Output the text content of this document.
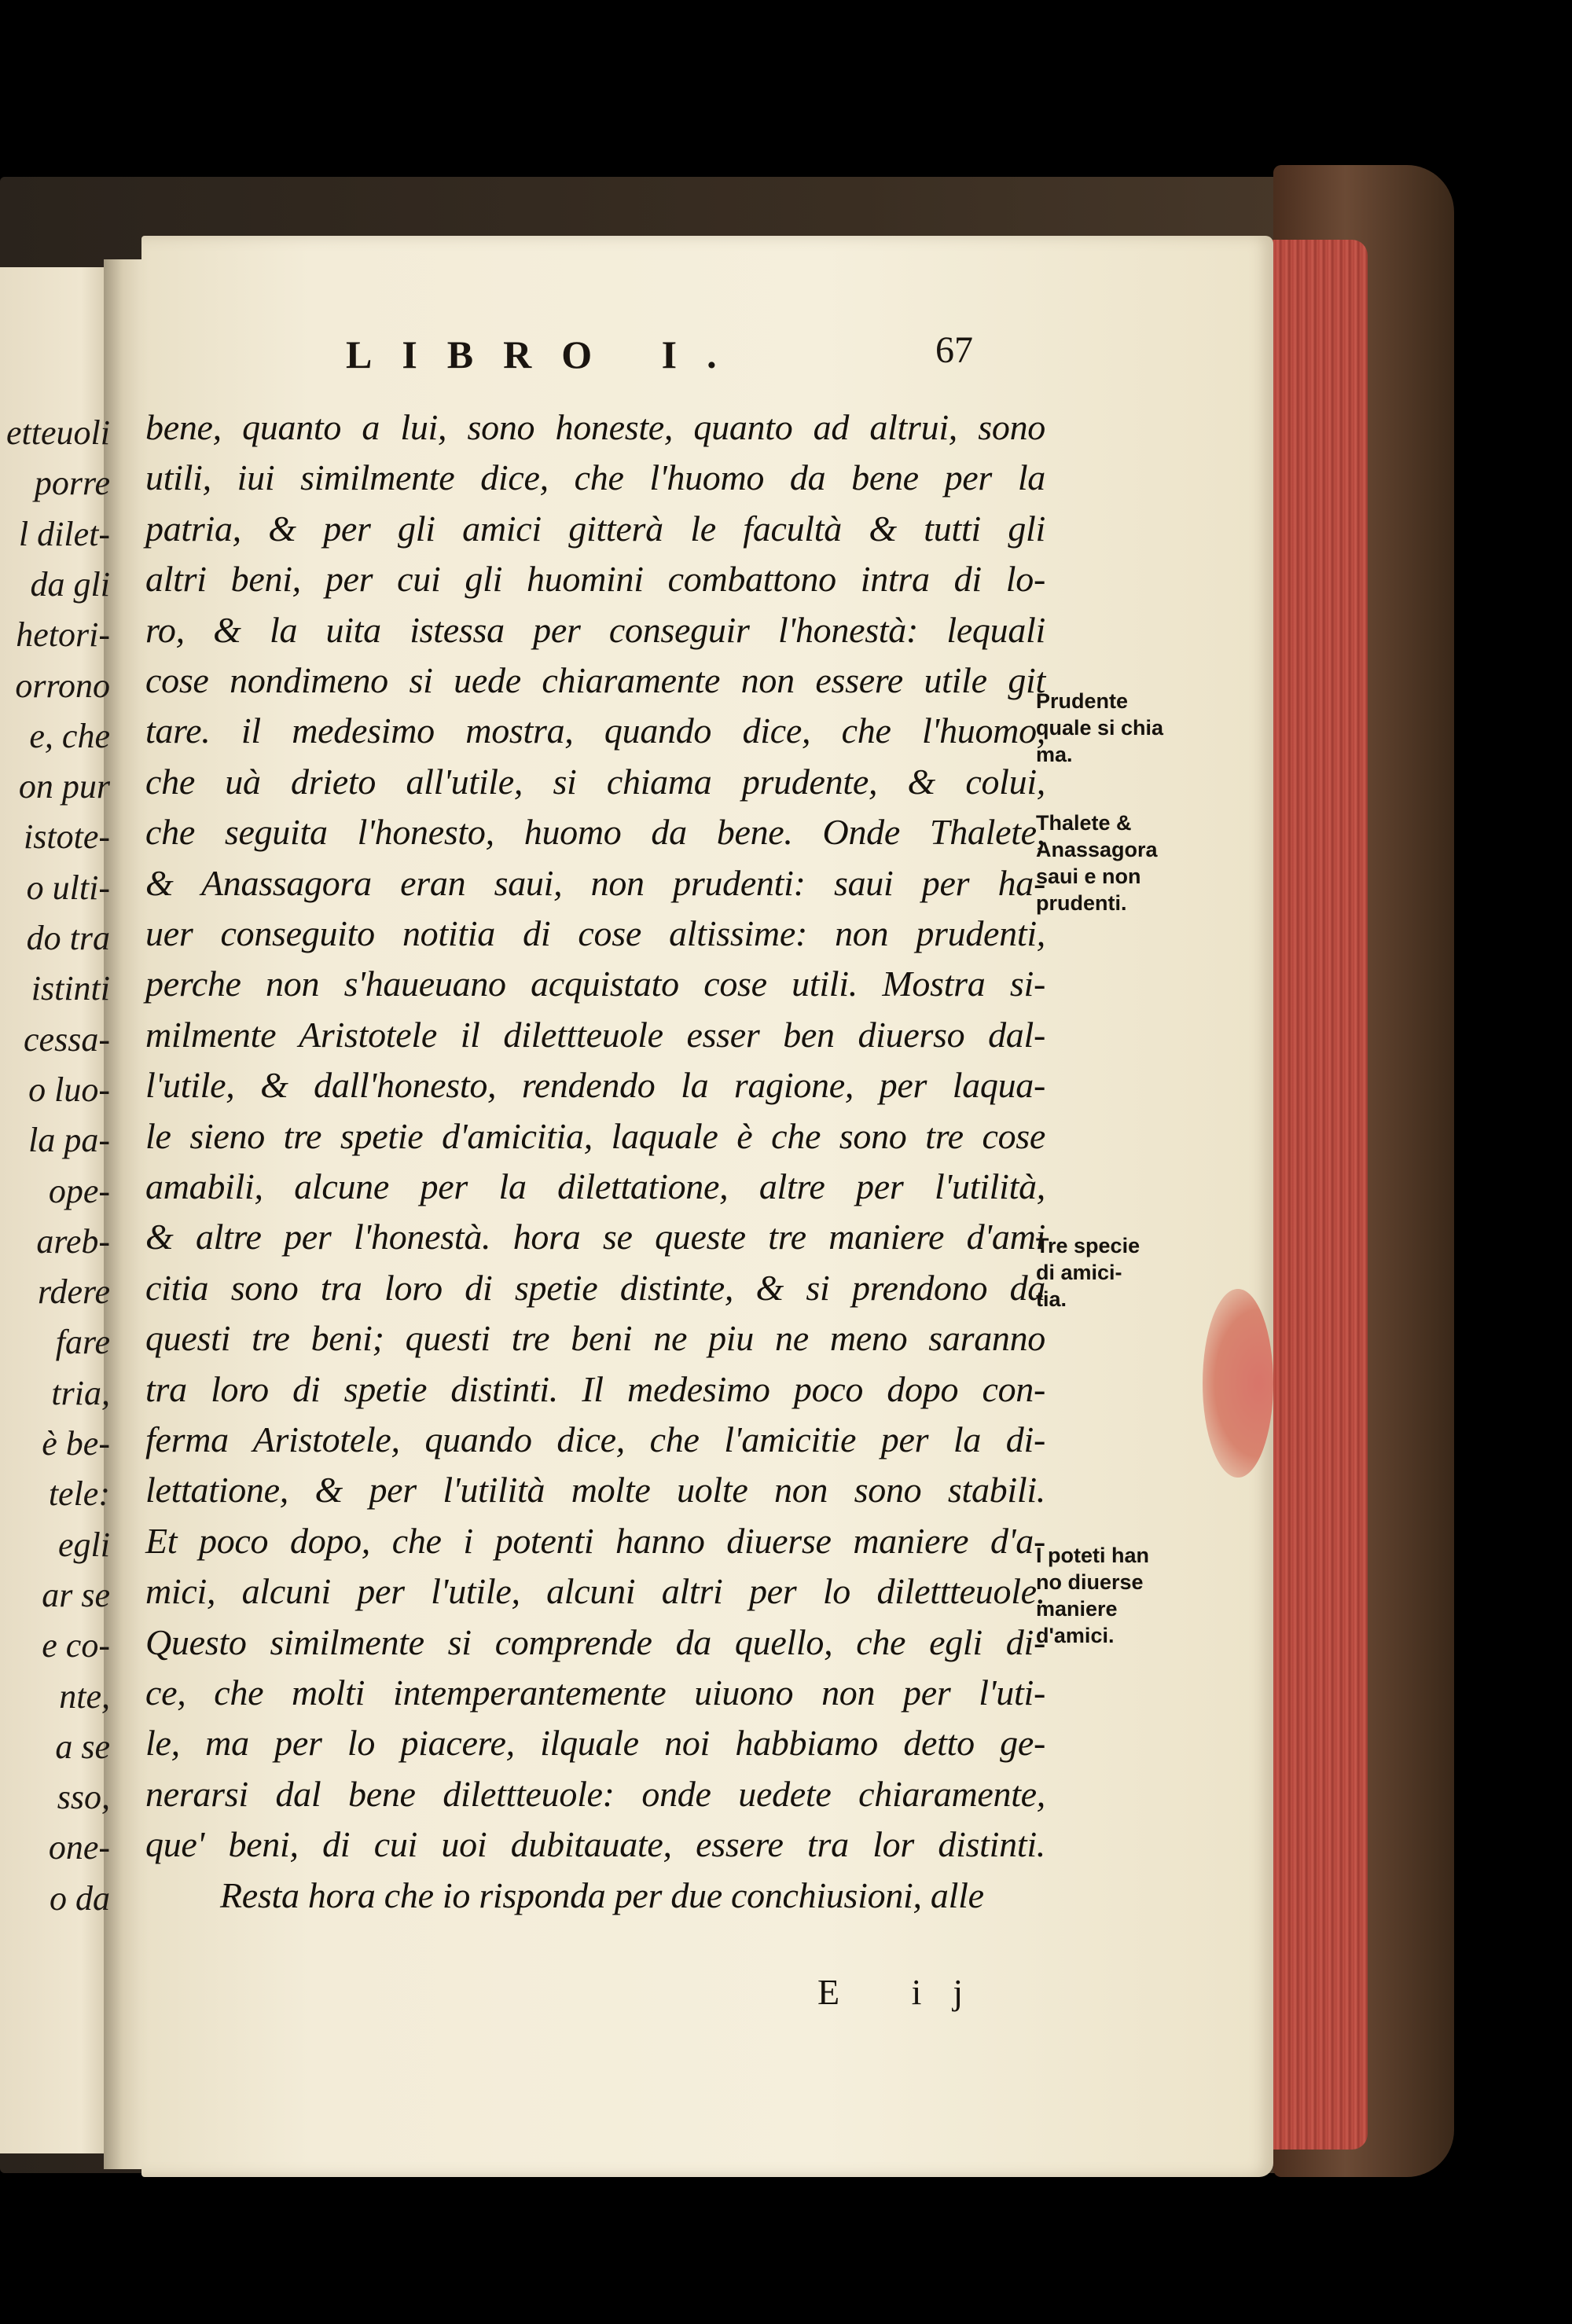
etteuoli
porre
l dilet-
da gli
hetori-
orrono
e, che
on pur
istote-
o ulti-
do tra
istinti
cessa-
o luo-
la pa-
ope-
areb-
rdere
fare
tria,
è be-
tele:
egli
ar se
e co-
nte,
a se
sso,
one-
o da
LIBRO I.	67
bene, quanto a lui, sono honeste, quanto ad altrui, sono
utili, iui similmente dice, che l'huomo da bene per la
patria, & per gli amici gitterà le facultà & tutti gli
altri beni, per cui gli huomini combattono intra di lo-
ro, & la uita istessa per conseguir l'honestà: lequali
cose nondimeno si uede chiaramente non essere utile git
tare. il medesimo mostra, quando dice, che l'huomo,
che uà drieto all'utile, si chiama prudente, & colui,
che seguita l'honesto, huomo da bene. Onde Thalete,
& Anassagora eran saui, non prudenti: saui per ha-
uer conseguito notitia di cose altissime: non prudenti,
perche non s'haueuano acquistato cose utili. Mostra si-
milmente Aristotele il dilettteuole esser ben diuerso dal-
l'utile, & dall'honesto, rendendo la ragione, per laqua-
le sieno tre spetie d'amicitia, laquale è che sono tre cose
amabili, alcune per la dilettatione, altre per l'utilità,
& altre per l'honestà. hora se queste tre maniere d'ami
citia sono tra loro di spetie distinte, & si prendono da
questi tre beni; questi tre beni ne piu ne meno saranno
tra loro di spetie distinti. Il medesimo poco dopo con-
ferma Aristotele, quando dice, che l'amicitie per la di-
lettatione, & per l'utilità molte uolte non sono stabili.
Et poco dopo, che i potenti hanno diuerse maniere d'a-
mici, alcuni per l'utile, alcuni altri per lo dilettteuole.
Questo similmente si comprende da quello, che egli di-
ce, che molti intemperantemente uiuono non per l'uti-
le, ma per lo piacere, ilquale noi habbiamo detto ge-
nerarsi dal bene dilettteuole: onde uedete chiaramente,
que' beni, di cui uoi dubitauate, essere tra lor distinti.
Resta hora che io risponda per due conchiusioni, alle
Prudente
quale si chia
ma.
Thalete &
Anassagora
saui e non
prudenti.
Tre specie
di amici-
tia.
I poteti han
no diuerse
maniere
d'amici.
E ij
